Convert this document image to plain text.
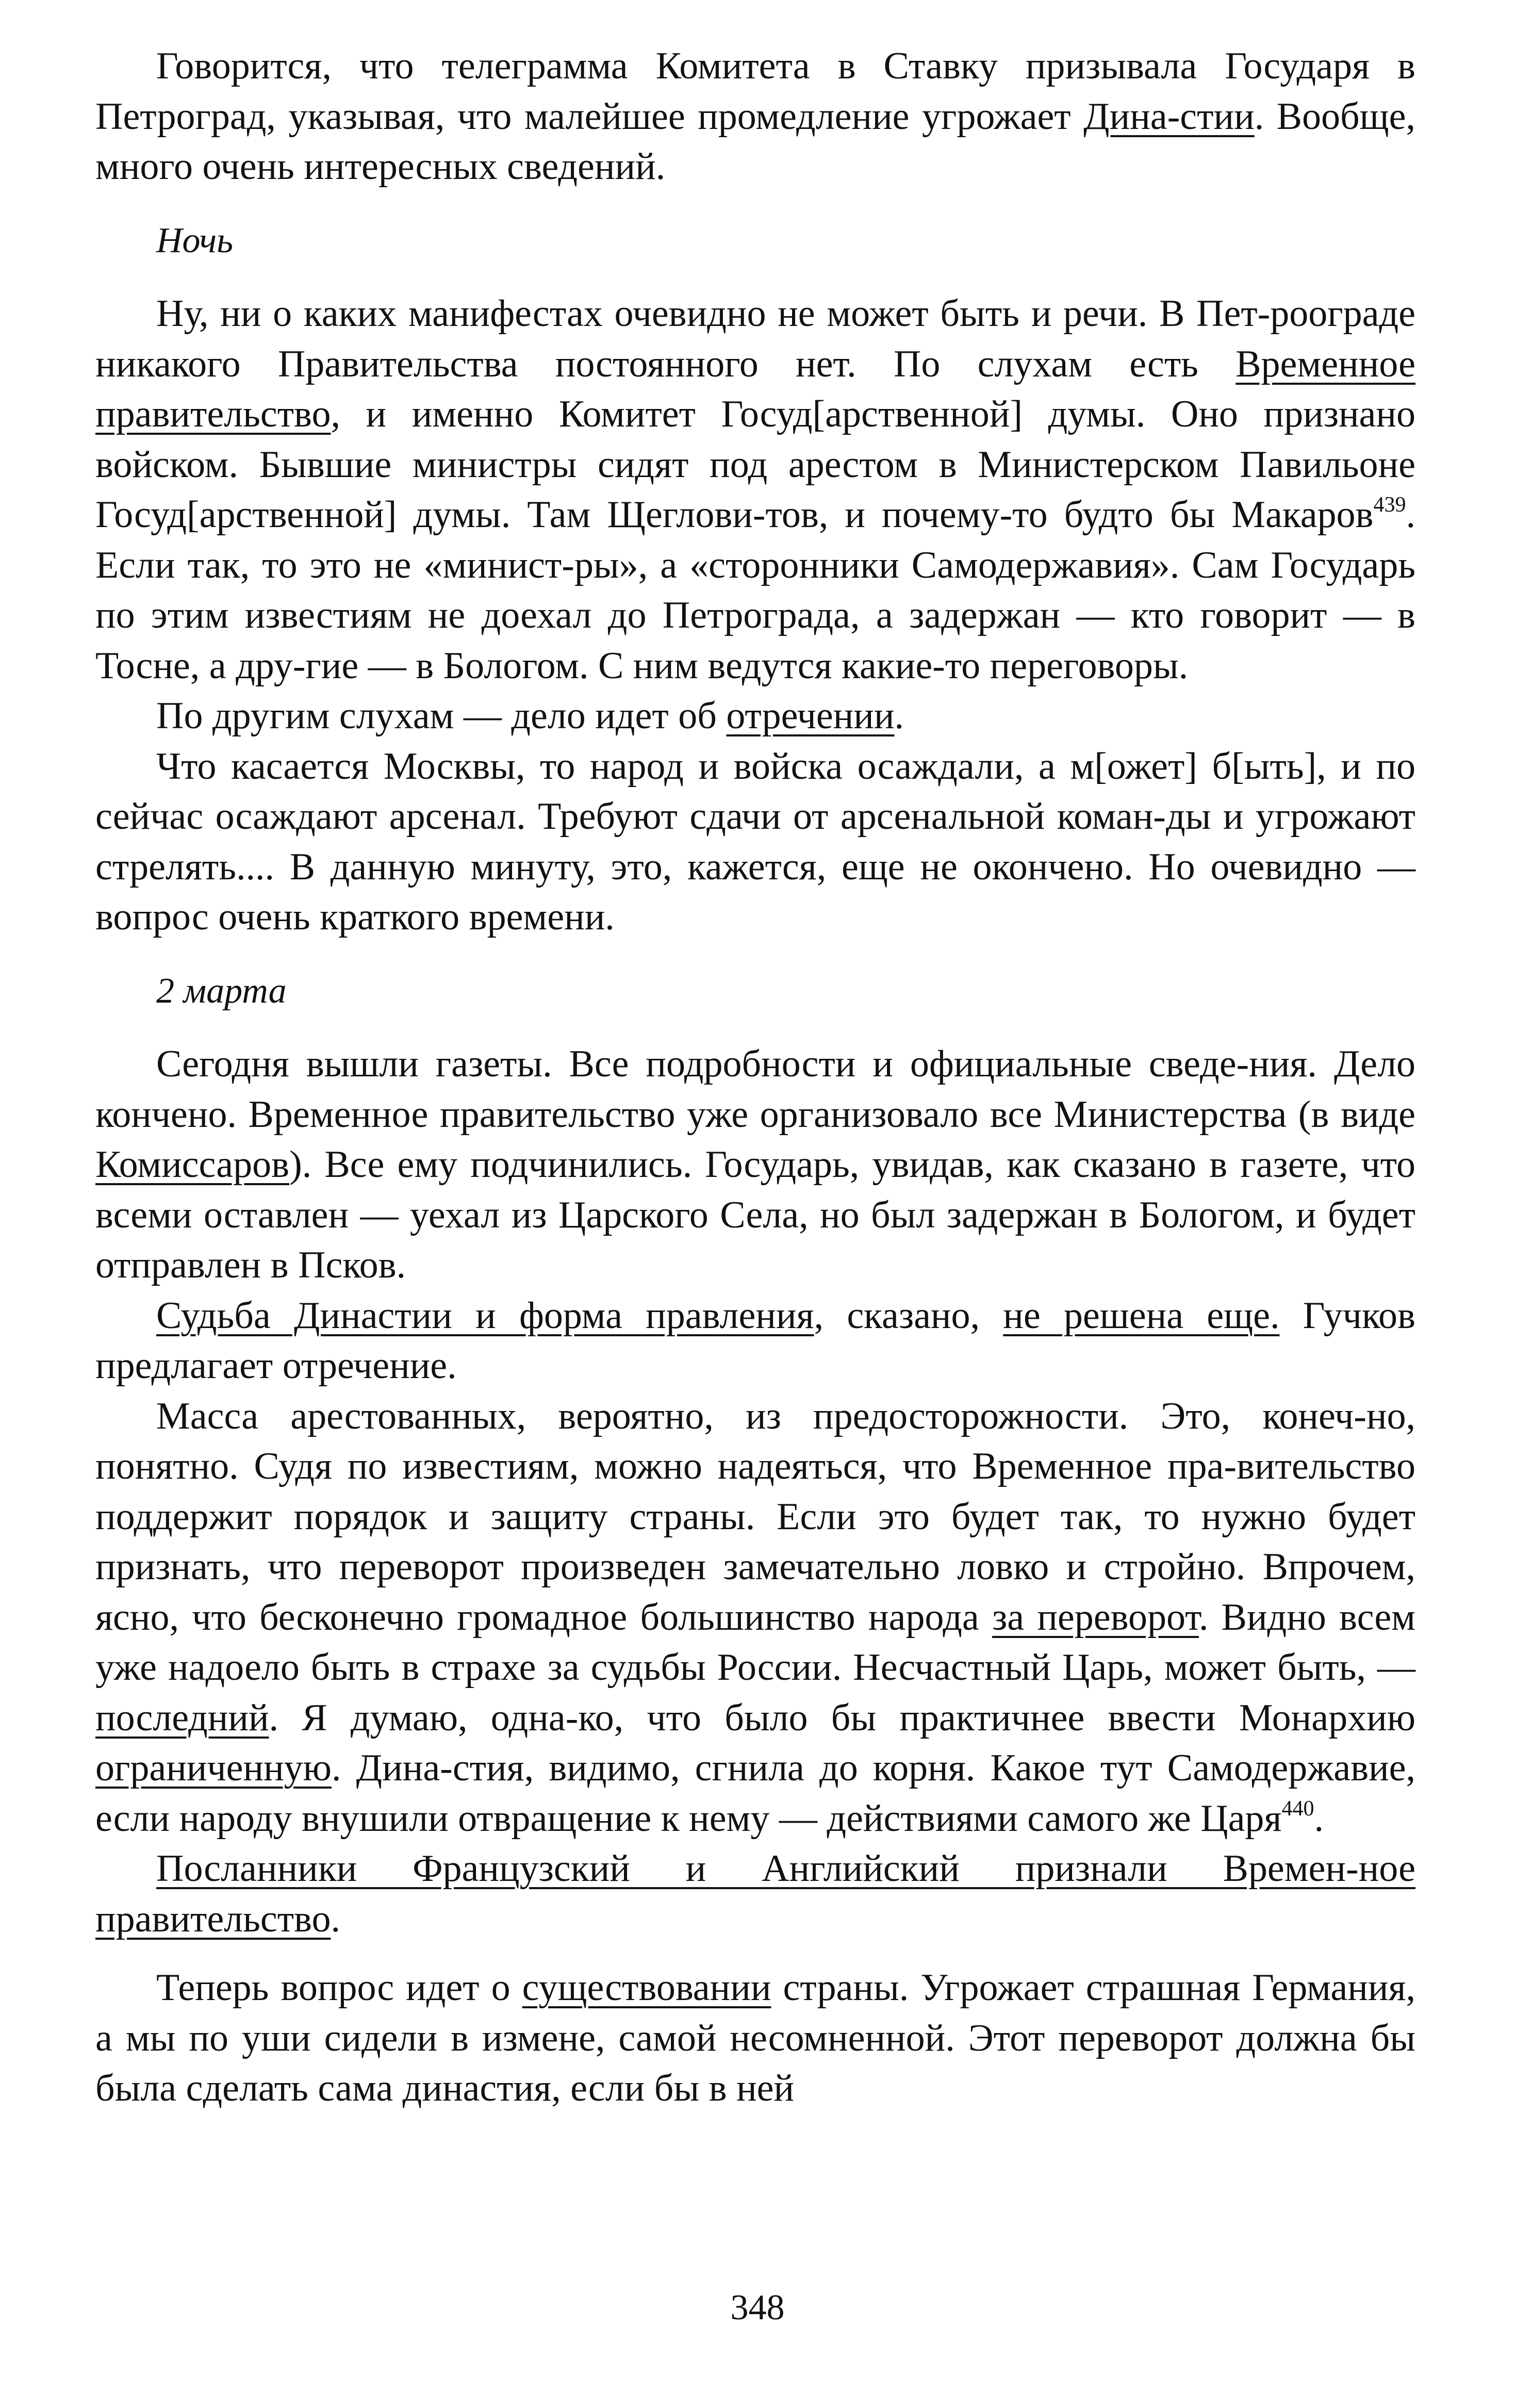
Говорится, что телеграмма Комитета в Ставку призывала Государя в Петроград, указывая, что малейшее промедление угрожает Дина-стии. Вообще, много очень интересных сведений.

Ночь

Ну, ни о каких манифестах очевидно не может быть и речи. В Пет-роограде никакого Правительства постоянного нет. По слухам есть Временное правительство, и именно Комитет Госуд[арственной] думы. Оно признано войском. Бывшие министры сидят под арестом в Министерском Павильоне Госуд[арственной] думы. Там Щеглови-тов, и почему-то будто бы Макаров$^{439}$. Если так, то это не «минист-ры», а «сторонники Самодержавия». Сам Государь по этим известиям не доехал до Петрограда, а задержан — кто говорит — в Тосне, а дру-гие — в Бологом. С ним ведутся какие-то переговоры.

По другим слухам — дело идет об отречении.

Что касается Москвы, то народ и войска осаждали, а м[ожет] б[ыть], и по сейчас осаждают арсенал. Требуют сдачи от арсенальной коман-ды и угрожают стрелять.... В данную минуту, это, кажется, еще не окончено. Но очевидно — вопрос очень краткого времени.

2 марта

Сегодня вышли газеты. Все подробности и официальные сведе-ния. Дело кончено. Временное правительство уже организовало все Министерства (в виде Комиссаров). Все ему подчинились. Государь, увидав, как сказано в газете, что всеми оставлен — уехал из Царского Села, но был задержан в Бологом, и будет отправлен в Псков.

Судьба Династии и форма правления, сказано, не решена еще. Гучков предлагает отречение.

Масса арестованных, вероятно, из предосторожности. Это, конеч-но, понятно. Судя по известиям, можно надеяться, что Временное пра-вительство поддержит порядок и защиту страны. Если это будет так, то нужно будет признать, что переворот произведен замечательно ловко и стройно. Впрочем, ясно, что бесконечно громадное большинство народа за переворот. Видно всем уже надоело быть в страхе за судьбы России. Несчастный Царь, может быть, — последний. Я думаю, одна-ко, что было бы практичнее ввести Монархию ограниченную. Дина-стия, видимо, сгнила до корня. Какое тут Самодержавие, если народу внушили отвращение к нему — действиями самого же Царя$^{440}$.

Посланники Французский и Английский признали Времен-ное правительство.

Теперь вопрос идет о существовании страны. Угрожает страшная Германия, а мы по уши сидели в измене, самой несомненной. Этот переворот должна бы была сделать сама династия, если бы в ней

348
